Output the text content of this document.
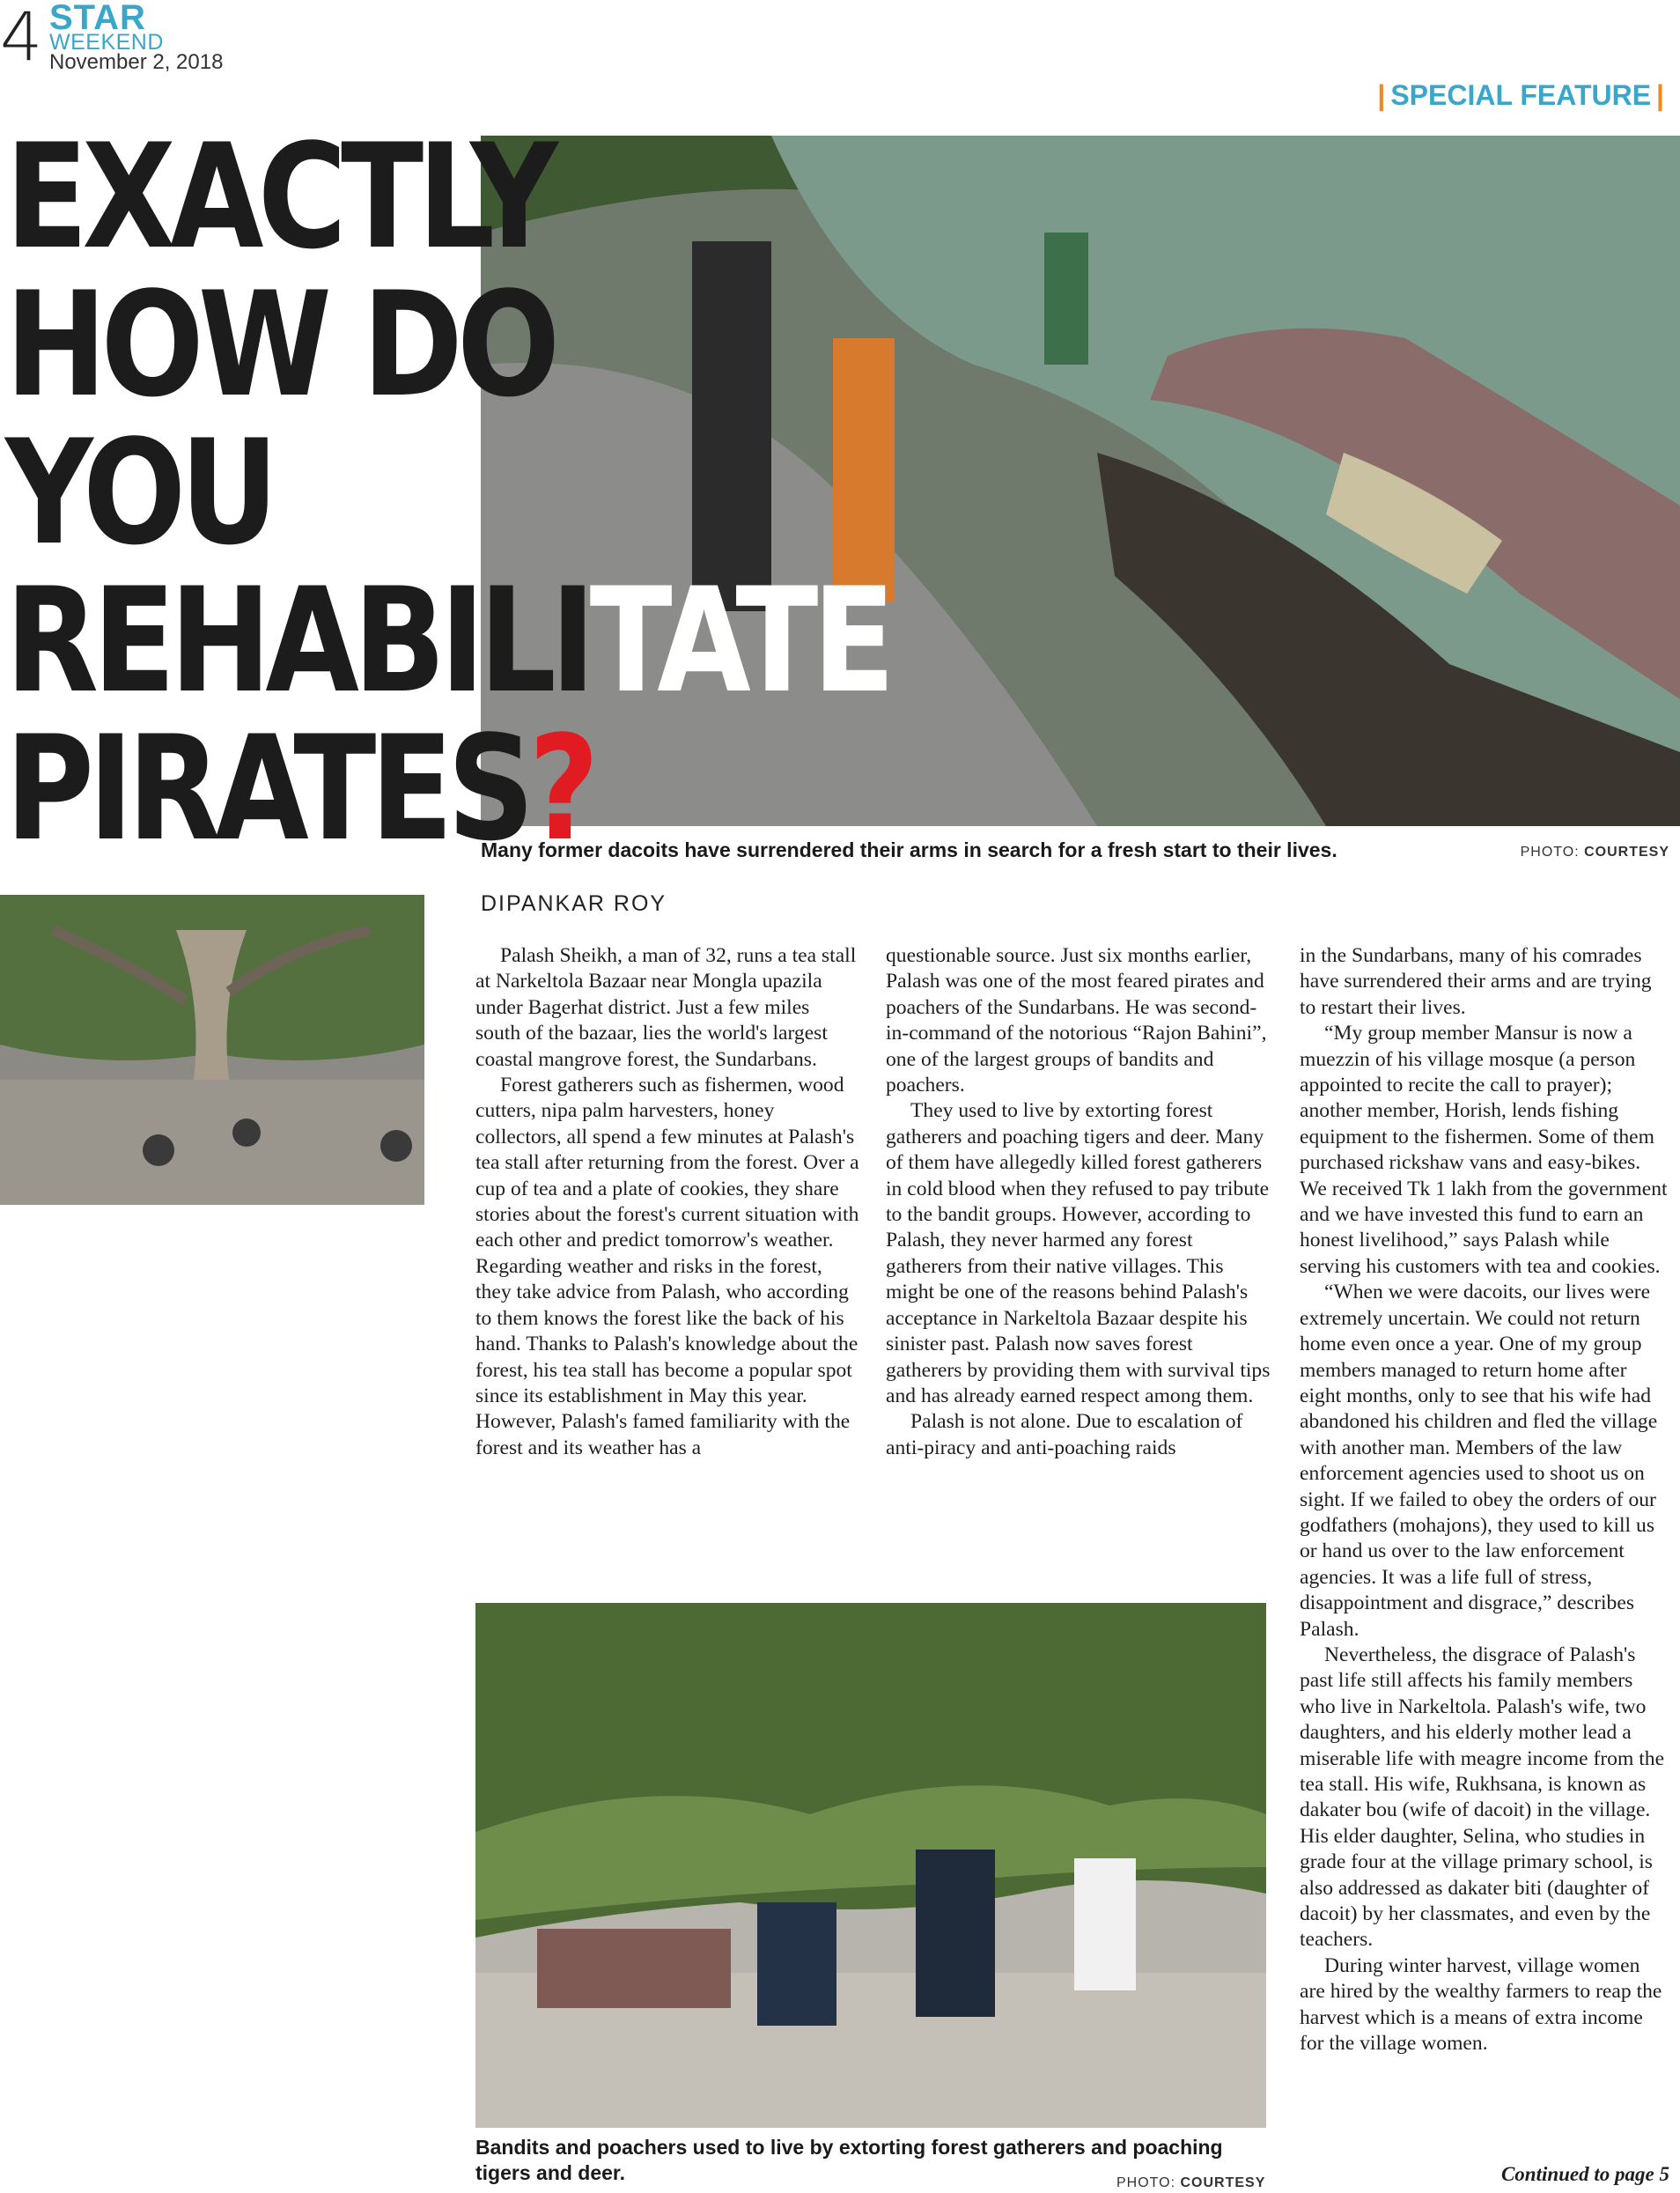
4 STAR
WEEKEND
November 2, 2018
| SPECIAL FEATURE |
EXACTLY
HOW DO
YOU
REHABILITATE
PIRATES?
Many former dacoits have surrendered their arms in search for a fresh start to their lives.	PHOTO: COURTESY
DIPANKAR ROY

Palash Sheikh, a man of 32, runs a tea stall at Narkeltola Bazaar near Mongla upazila under Bagerhat district. Just a few miles south of the bazaar, lies the world's largest coastal mangrove forest, the Sundarbans.

Forest gatherers such as fishermen, wood cutters, nipa palm harvesters, honey collectors, all spend a few minutes at Palash's tea stall after returning from the forest. Over a cup of tea and a plate of cookies, they share stories about the forest's current situation with each other and predict tomorrow's weather. Regarding weather and risks in the forest, they take advice from Palash, who according to them knows the forest like the back of his hand. Thanks to Palash's knowledge about the forest, his tea stall has become a popular spot since its establishment in May this year. However, Palash's famed familiarity with the forest and its weather has a

questionable source. Just six months earlier, Palash was one of the most feared pirates and poachers of the Sundarbans. He was second-in-command of the notorious “Rajon Bahini”, one of the largest groups of bandits and poachers.

They used to live by extorting forest gatherers and poaching tigers and deer. Many of them have allegedly killed forest gatherers in cold blood when they refused to pay tribute to the bandit groups. However, according to Palash, they never harmed any forest gatherers from their native villages. This might be one of the reasons behind Palash's acceptance in Narkeltola Bazaar despite his sinister past. Palash now saves forest gatherers by providing them with survival tips and has already earned respect among them.

Palash is not alone. Due to escalation of anti-piracy and anti-poaching raids

in the Sundarbans, many of his comrades have surrendered their arms and are trying to restart their lives.

“My group member Mansur is now a muezzin of his village mosque (a person appointed to recite the call to prayer); another member, Horish, lends fishing equipment to the fishermen. Some of them purchased rickshaw vans and easy-bikes. We received Tk 1 lakh from the government and we have invested this fund to earn an honest livelihood,” says Palash while serving his customers with tea and cookies.

“When we were dacoits, our lives were extremely uncertain. We could not return home even once a year. One of my group members managed to return home after eight months, only to see that his wife had abandoned his children and fled the village with another man. Members of the law enforcement agencies used to shoot us on sight. If we failed to obey the orders of our godfathers (mohajons), they used to kill us or hand us over to the law enforcement agencies. It was a life full of stress, disappointment and disgrace,” describes Palash.

Nevertheless, the disgrace of Palash's past life still affects his family members who live in Narkeltola. Palash's wife, two daughters, and his elderly mother lead a miserable life with meagre income from the tea stall. His wife, Rukhsana, is known as dakater bou (wife of dacoit) in the village. His elder daughter, Selina, who studies in grade four at the village primary school, is also addressed as dakater biti (daughter of dacoit) by her classmates, and even by the teachers.

During winter harvest, village women are hired by the wealthy farmers to reap the harvest which is a means of extra income for the village women.

Bandits and poachers used to live by extorting forest gatherers and poaching tigers and deer.	PHOTO: COURTESY	Continued to page 5
